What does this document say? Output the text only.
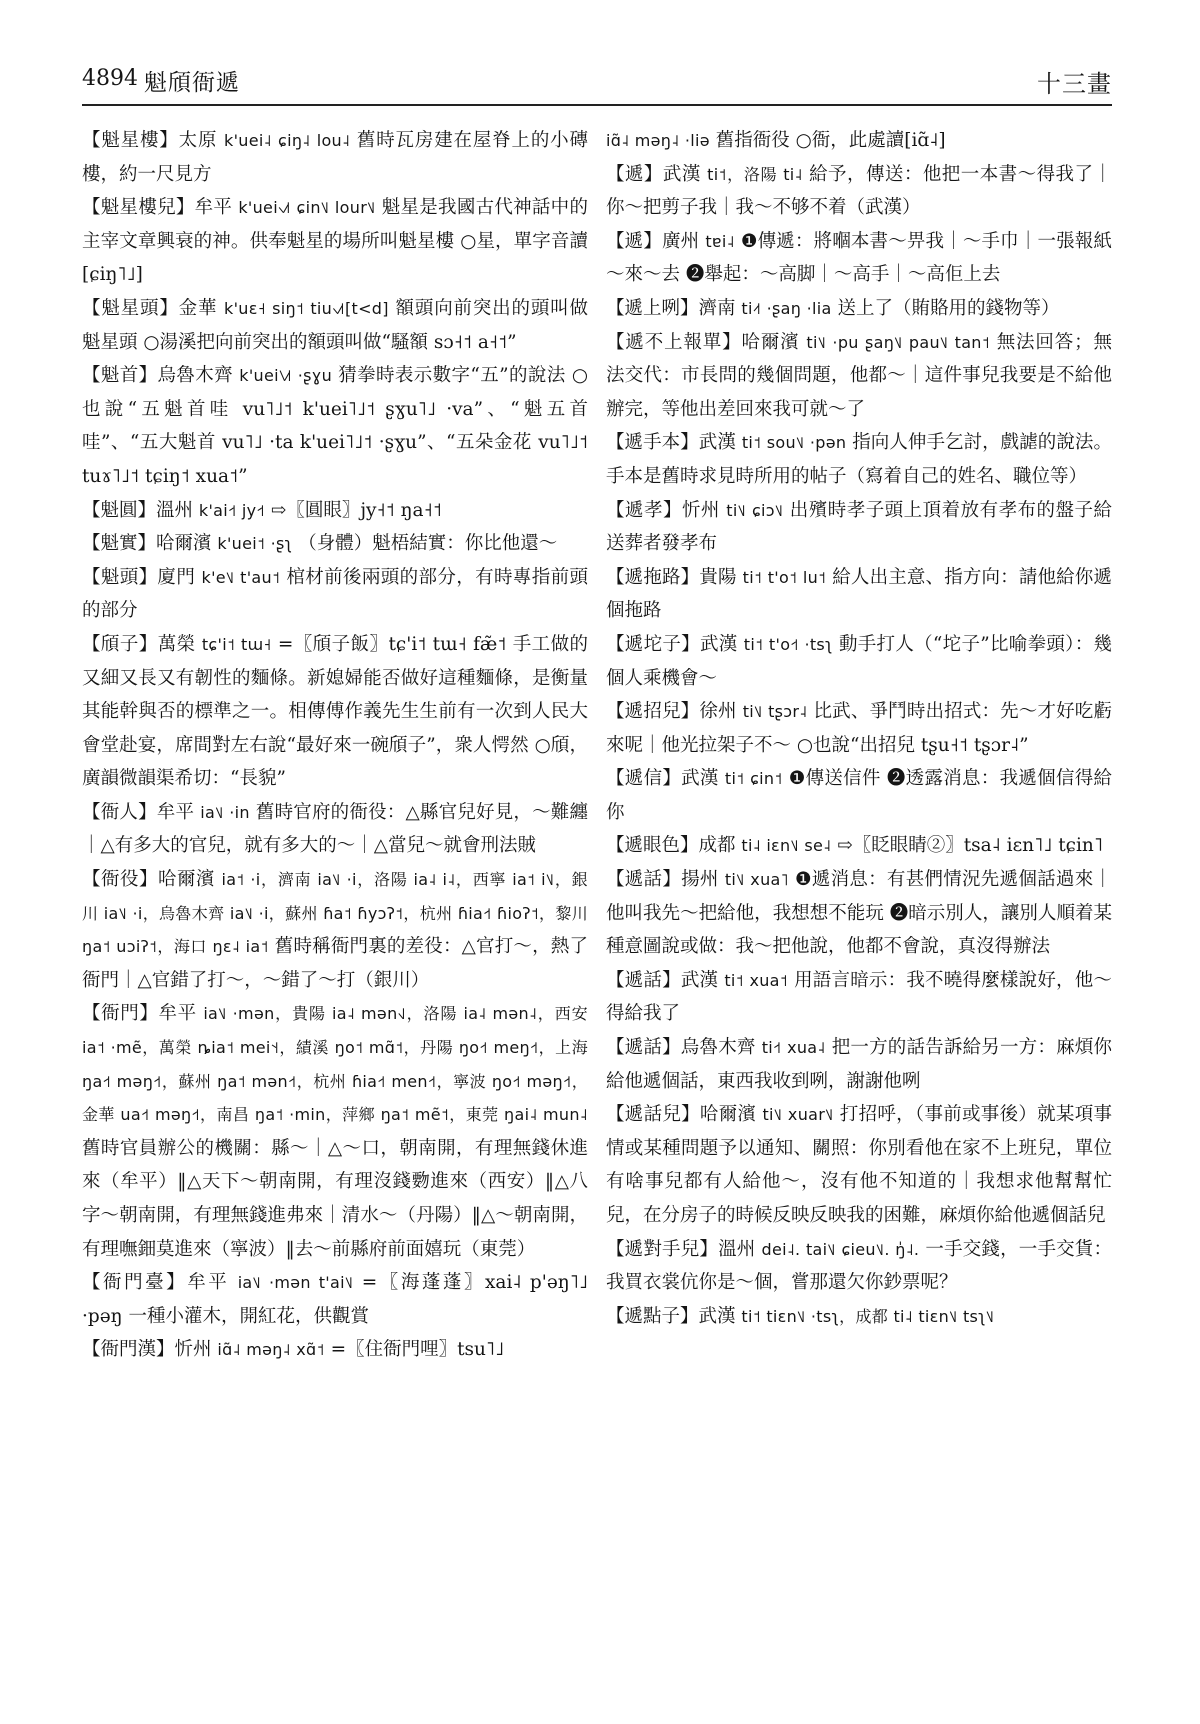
4894 魁頎衙遞	十三畫

【魁星樓】太原 k'uei˨ ɕiŋ˨ lou˨ 舊時瓦房建在屋脊上的小磚樓，約一尺見方

【魁星樓兒】牟平 k'uei˧˩˦ ɕin˥˩ lour˥˩ 魁星是我國古代神話中的主宰文章興衰的神。供奉魁星的場所叫魁星樓 ○星，單字音讀[ɕiŋ˥˩]

【魁星頭】金華 k'uɛ˧ siŋ˦ tiu˧˩˦[t<d] 額頭向前突出的頭叫做魁星頭 ○湯溪把向前突出的額頭叫做“騷額 sɔ˧˦ a˧˦”

【魁首】烏魯木齊 k'uei˥˩˦ ·ʂɣu 猜拳時表示數字“五”的說法 ○也說“五魁首哇 vu˥˩˦ k'uei˥˩˦ ʂɣu˥˩ ·va”、“魁五首哇”、“五大魁首 vu˥˩ ·ta k'uei˥˩˦ ·ʂɣu”、“五朵金花 vu˥˩˦ tuɤ˥˩˦ tɕiŋ˦ xua˦”

【魁圓】溫州 k'ai˧˦ jy˧˦ ⇨〖圓眼〗jy˧˦ ŋa˧˦

【魁實】哈爾濱 k'uei˦ ·ʂʅ （身體）魁梧結實：你比他還～

【魁頭】廈門 k'e˥˩ t'au˦ 棺材前後兩頭的部分，有時專指前頭的部分

【頎子】萬榮 tɕ'i˦ tɯ˧ =〖頎子飯〗tɕ'i˦ tɯ˧ fæ̃˦ 手工做的又細又長又有韌性的麵條。新媳婦能否做好這種麵條，是衡量其能幹與否的標準之一。相傳傅作義先生生前有一次到人民大會堂赴宴，席間對左右說“最好來一碗頎子”，衆人愕然 ○頎，廣韻微韻渠希切：“長貌”

【衙人】牟平 ia˥˩ ·in 舊時官府的衙役：△縣官兒好見，～難纏｜△有多大的官兒，就有多大的～｜△當兒～就會刑法賊

【衙役】哈爾濱 ia˦ ·i，濟南 ia˥˩ ·i，洛陽 ia˨ i˨，西寧 ia˦ i˥˩，銀川 ia˥˩ ·i，烏魯木齊 ia˥˩ ·i，蘇州 ɦa˦ ɦyɔʔ˦，杭州 ɦia˧˦ ɦioʔ˦，黎川 ŋa˦ uɔiʔ˦，海口 ŋɛ˨ ia˦ 舊時稱衙門裏的差役：△官打～，熱了衙門｜△官錯了打～，～錯了～打（銀川）

【衙門】牟平 ia˥˩ ·mən，貴陽 ia˨ mən˧˩，洛陽 ia˨ mən˨，西安 ia˦ ·mẽ，萬榮 ȵia˦ mei˦˧，績溪 ŋo˦ mɑ̃˦，丹陽 ŋo˧˦ meŋ˧˦，上海 ŋa˧˦ məŋ˧˦，蘇州 ŋa˦ mən˧˦，杭州 ɦia˧˦ men˧˦，寧波 ŋo˧˦ məŋ˧˦，金華 ua˧˦ məŋ˧˦，南昌 ŋa˦ ·min，萍鄉 ŋa˦ mẽ˦，東莞 ŋai˨ mun˨ 舊時官員辦公的機關：縣～｜△～口，朝南開，有理無錢休進來（牟平）‖△天下～朝南開，有理沒錢覅進來（西安）‖△八字～朝南開，有理無錢進弗來｜清水～（丹陽）‖△～朝南開，有理嘸鈿莫進來（寧波）‖去～前縣府前面嬉玩（東莞）

【衙門臺】牟平 ia˥˩ ·mən t'ai˥˩ =〖海蓬蓬〗xai˨ p'əŋ˥˩ ·pəŋ 一種小灌木，開紅花，供觀賞

【衙門漢】忻州 iɑ̃˨ məŋ˨ xɑ̃˦ =〖住衙門哩〗tsu˥˩

iɑ̃˨ məŋ˨ ·liə 舊指衙役 ○衙，此處讀[iɑ̃˨]

【遞】武漢 ti˦，洛陽 ti˨ 給予，傳送：他把一本書～得我了｜你～把剪子我｜我～不够不着（武漢）

【遞】廣州 tɐi˨ ❶傳遞：將嗰本書～畀我｜～手巾｜一張報紙～來～去 ❷舉起：～高脚｜～高手｜～高佢上去

【遞上咧】濟南 ti˨˦ ·ʂaŋ ·lia 送上了（賄賂用的錢物等）

【遞不上報單】哈爾濱 ti˥˩ ·pu ʂaŋ˥˩ pau˥˩ tan˦ 無法回答；無法交代：市長問的幾個問題，他都～｜這件事兒我要是不給他辦完，等他出差回來我可就～了

【遞手本】武漢 ti˦ sou˥˩ ·pən 指向人伸手乞討，戲謔的說法。手本是舊時求見時所用的帖子（寫着自己的姓名、職位等）

【遞孝】忻州 ti˥˩ ɕiɔ˥˩ 出殯時孝子頭上頂着放有孝布的盤子給送葬者發孝布

【遞拖路】貴陽 ti˦ t'o˦ lu˦ 給人出主意、指方向：請他給你遞個拖路

【遞坨子】武漢 ti˦ t'o˧˦ ·tsʅ 動手打人（“坨子”比喻拳頭）：幾個人乘機會～

【遞招兒】徐州 ti˥˩ tʂɔr˨ 比武、爭鬥時出招式：先～才好吃虧來呢｜他光拉架子不～ ○也說“出招兒 tʂu˧˦ tʂɔr˨”

【遞信】武漢 ti˦ ɕin˦ ❶傳送信件 ❷透露消息：我遞個信得給你

【遞眼色】成都 ti˨ iɛn˥˩ se˨ ⇨〖眨眼睛②〗tsa˨ iɛn˥˩ tɕin˥

【遞話】揚州 ti˥˩ xua˥ ❶遞消息：有甚們情況先遞個話過來｜他叫我先～把給他，我想想不能玩 ❷暗示別人，讓別人順着某種意圖說或做：我～把他說，他都不會說，真沒得辦法

【遞話】武漢 ti˦ xua˦ 用語言暗示：我不曉得麼樣說好，他～得給我了

【遞話】烏魯木齊 ti˧˦ xua˨ 把一方的話告訴給另一方：麻煩你給他遞個話，東西我收到咧，謝謝他咧

【遞話兒】哈爾濱 ti˥˩ xuar˥˩ 打招呼，（事前或事後）就某項事情或某種問題予以通知、關照：你別看他在家不上班兒，單位有啥事兒都有人給他～，沒有他不知道的｜我想求他幫幫忙兒，在分房子的時候反映反映我的困難，麻煩你給他遞個話兒

【遞對手兒】溫州 dei˨. tai˥˩ ɕieu˥˩. ŋ̍˨. 一手交錢，一手交貨：我買衣裳伉你是～個，嘗那還欠你鈔票呢？

【遞點子】武漢 ti˦ tiɛn˥˩ ·tsʅ，成都 ti˨ tiɛn˥˩ tsʅ˥˩
